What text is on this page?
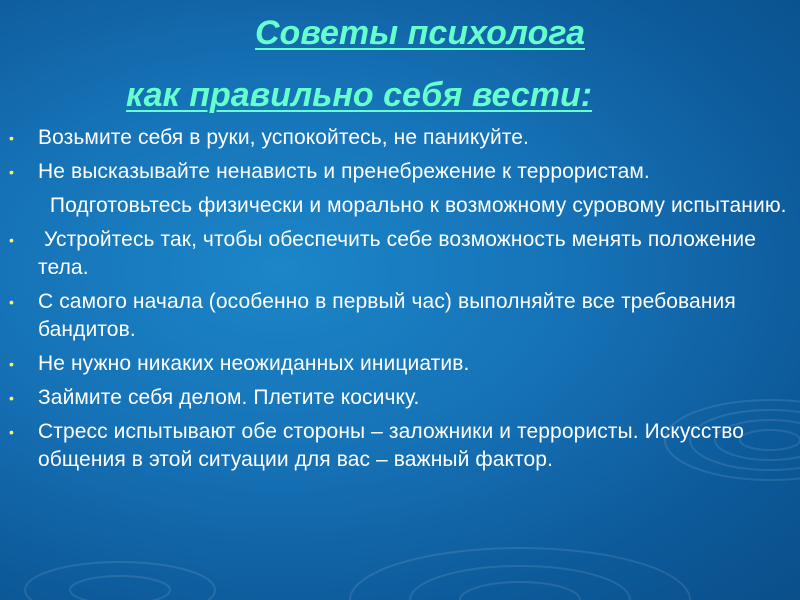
Советы психолога

как правильно себя вести:

•	Возьмите себя в руки, успокойтесь, не паникуйте.
•	Не высказывайте ненависть и пренебрежение к террористам.
Подготовьтесь физически и морально к возможному суровому испытанию.
•	Устройтесь так, чтобы обеспечить себе возможность менять положение тела.
•	С самого начала (особенно в первый час) выполняйте все требования бандитов.
•	Не нужно никаких неожиданных инициатив.
•	Займите себя делом. Плетите косичку.
•	Стресс испытывают обе стороны – заложники и террористы. Искусство общения в этой ситуации для вас – важный фактор.
